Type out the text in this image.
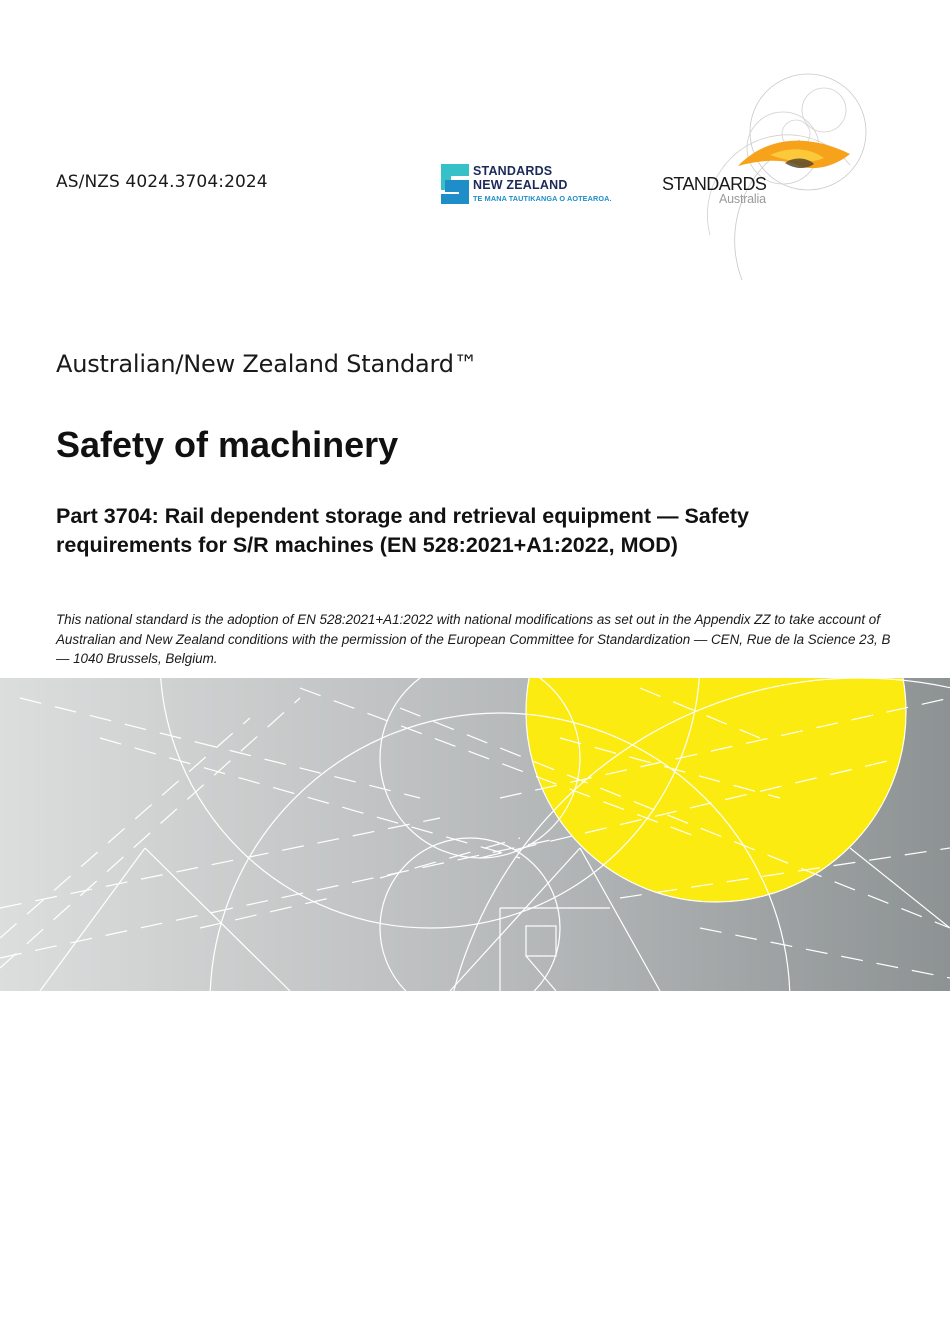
AS/NZS 4024.3704:2024
STANDARDS
NEW ZEALAND
TE MANA TAUTIKANGA O AOTEAROA.
STANDARDS
Australia
Australian/New Zealand Standard™
Safety of machinery
Part 3704: Rail dependent storage and retrieval equipment — Safety requirements for S/R machines (EN 528:2021+A1:2022, MOD)
This national standard is the adoption of EN 528:2021+A1:2022 with national modifications as set out in the Appendix ZZ to take account of Australian and New Zealand conditions with the permission of the European Committee for Standardization — CEN, Rue de la Science 23, B — 1040 Brussels, Belgium.
